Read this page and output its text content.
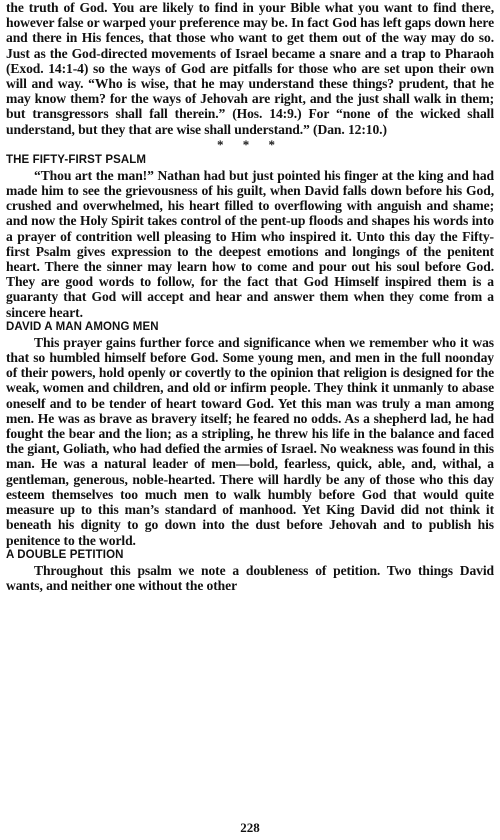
the truth of God. You are likely to find in your Bible what you want to find there, however false or warped your preference may be. In fact God has left gaps down here and there in His fences, that those who want to get them out of the way may do so. Just as the God-directed movements of Israel became a snare and a trap to Pharaoh (Exod. 14:1-4) so the ways of God are pitfalls for those who are set upon their own will and way. “Who is wise, that he may understand these things? prudent, that he may know them? for the ways of Jehovah are right, and the just shall walk in them; but transgressors shall fall therein.” (Hos. 14:9.) For “none of the wicked shall understand, but they that are wise shall understand.” (Dan. 12:10.)

* * *

THE FIFTY-FIRST PSALM

“Thou art the man!” Nathan had but just pointed his finger at the king and had made him to see the grievousness of his guilt, when David falls down before his God, crushed and overwhelmed, his heart filled to overflowing with anguish and shame; and now the Holy Spirit takes control of the pent-up floods and shapes his words into a prayer of contrition well pleasing to Him who inspired it. Unto this day the Fifty-first Psalm gives expression to the deepest emotions and longings of the penitent heart. There the sinner may learn how to come and pour out his soul before God. They are good words to follow, for the fact that God Himself inspired them is a guaranty that God will accept and hear and answer them when they come from a sincere heart.

DAVID A MAN AMONG MEN

This prayer gains further force and significance when we remember who it was that so humbled himself before God. Some young men, and men in the full noonday of their powers, hold openly or covertly to the opinion that religion is designed for the weak, women and children, and old or infirm people. They think it unmanly to abase oneself and to be tender of heart toward God. Yet this man was truly a man among men. He was as brave as bravery itself; he feared no odds. As a shepherd lad, he had fought the bear and the lion; as a stripling, he threw his life in the balance and faced the giant, Goliath, who had defied the armies of Israel. No weakness was found in this man. He was a natural leader of men—bold, fearless, quick, able, and, withal, a gentleman, generous, noble-hearted. There will hardly be any of those who this day esteem themselves too much men to walk humbly before God that would quite measure up to this man’s standard of manhood. Yet King David did not think it beneath his dignity to go down into the dust before Jehovah and to publish his penitence to the world.

A DOUBLE PETITION

Throughout this psalm we note a doubleness of petition. Two things David wants, and neither one without the other

228
